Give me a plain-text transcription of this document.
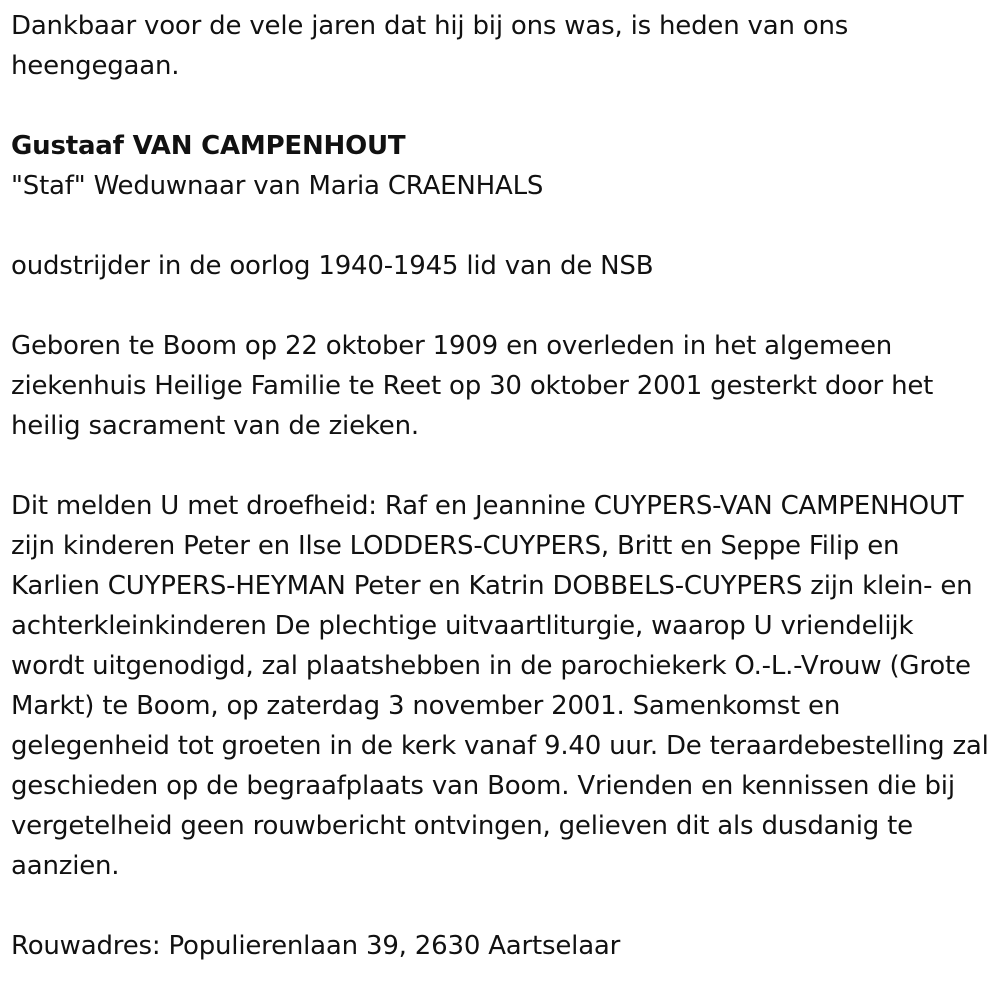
Dankbaar voor de vele jaren dat hij bij ons was, is heden van ons heengegaan.

Gustaaf VAN CAMPENHOUT

"Staf" Weduwnaar van Maria CRAENHALS

oudstrijder in de oorlog 1940-1945 lid van de NSB

Geboren te Boom op 22 oktober 1909 en overleden in het algemeen ziekenhuis Heilige Familie te Reet op 30 oktober 2001 gesterkt door het heilig sacrament van de zieken.

Dit melden U met droefheid: Raf en Jeannine CUYPERS-VAN CAMPENHOUT zijn kinderen Peter en Ilse LODDERS-CUYPERS, Britt en Seppe Filip en Karlien CUYPERS-HEYMAN Peter en Katrin DOBBELS-CUYPERS zijn klein- en achterkleinkinderen De plechtige uitvaartliturgie, waarop U vriendelijk wordt uitgenodigd, zal plaatshebben in de parochiekerk O.-L.-Vrouw (Grote Markt) te Boom, op zaterdag 3 november 2001. Samenkomst en gelegenheid tot groeten in de kerk vanaf 9.40 uur. De teraardebestelling zal geschieden op de begraafplaats van Boom. Vrienden en kennissen die bij vergetelheid geen rouwbericht ontvingen, gelieven dit als dusdanig te aanzien.

Rouwadres: Populierenlaan 39, 2630 Aartselaar
